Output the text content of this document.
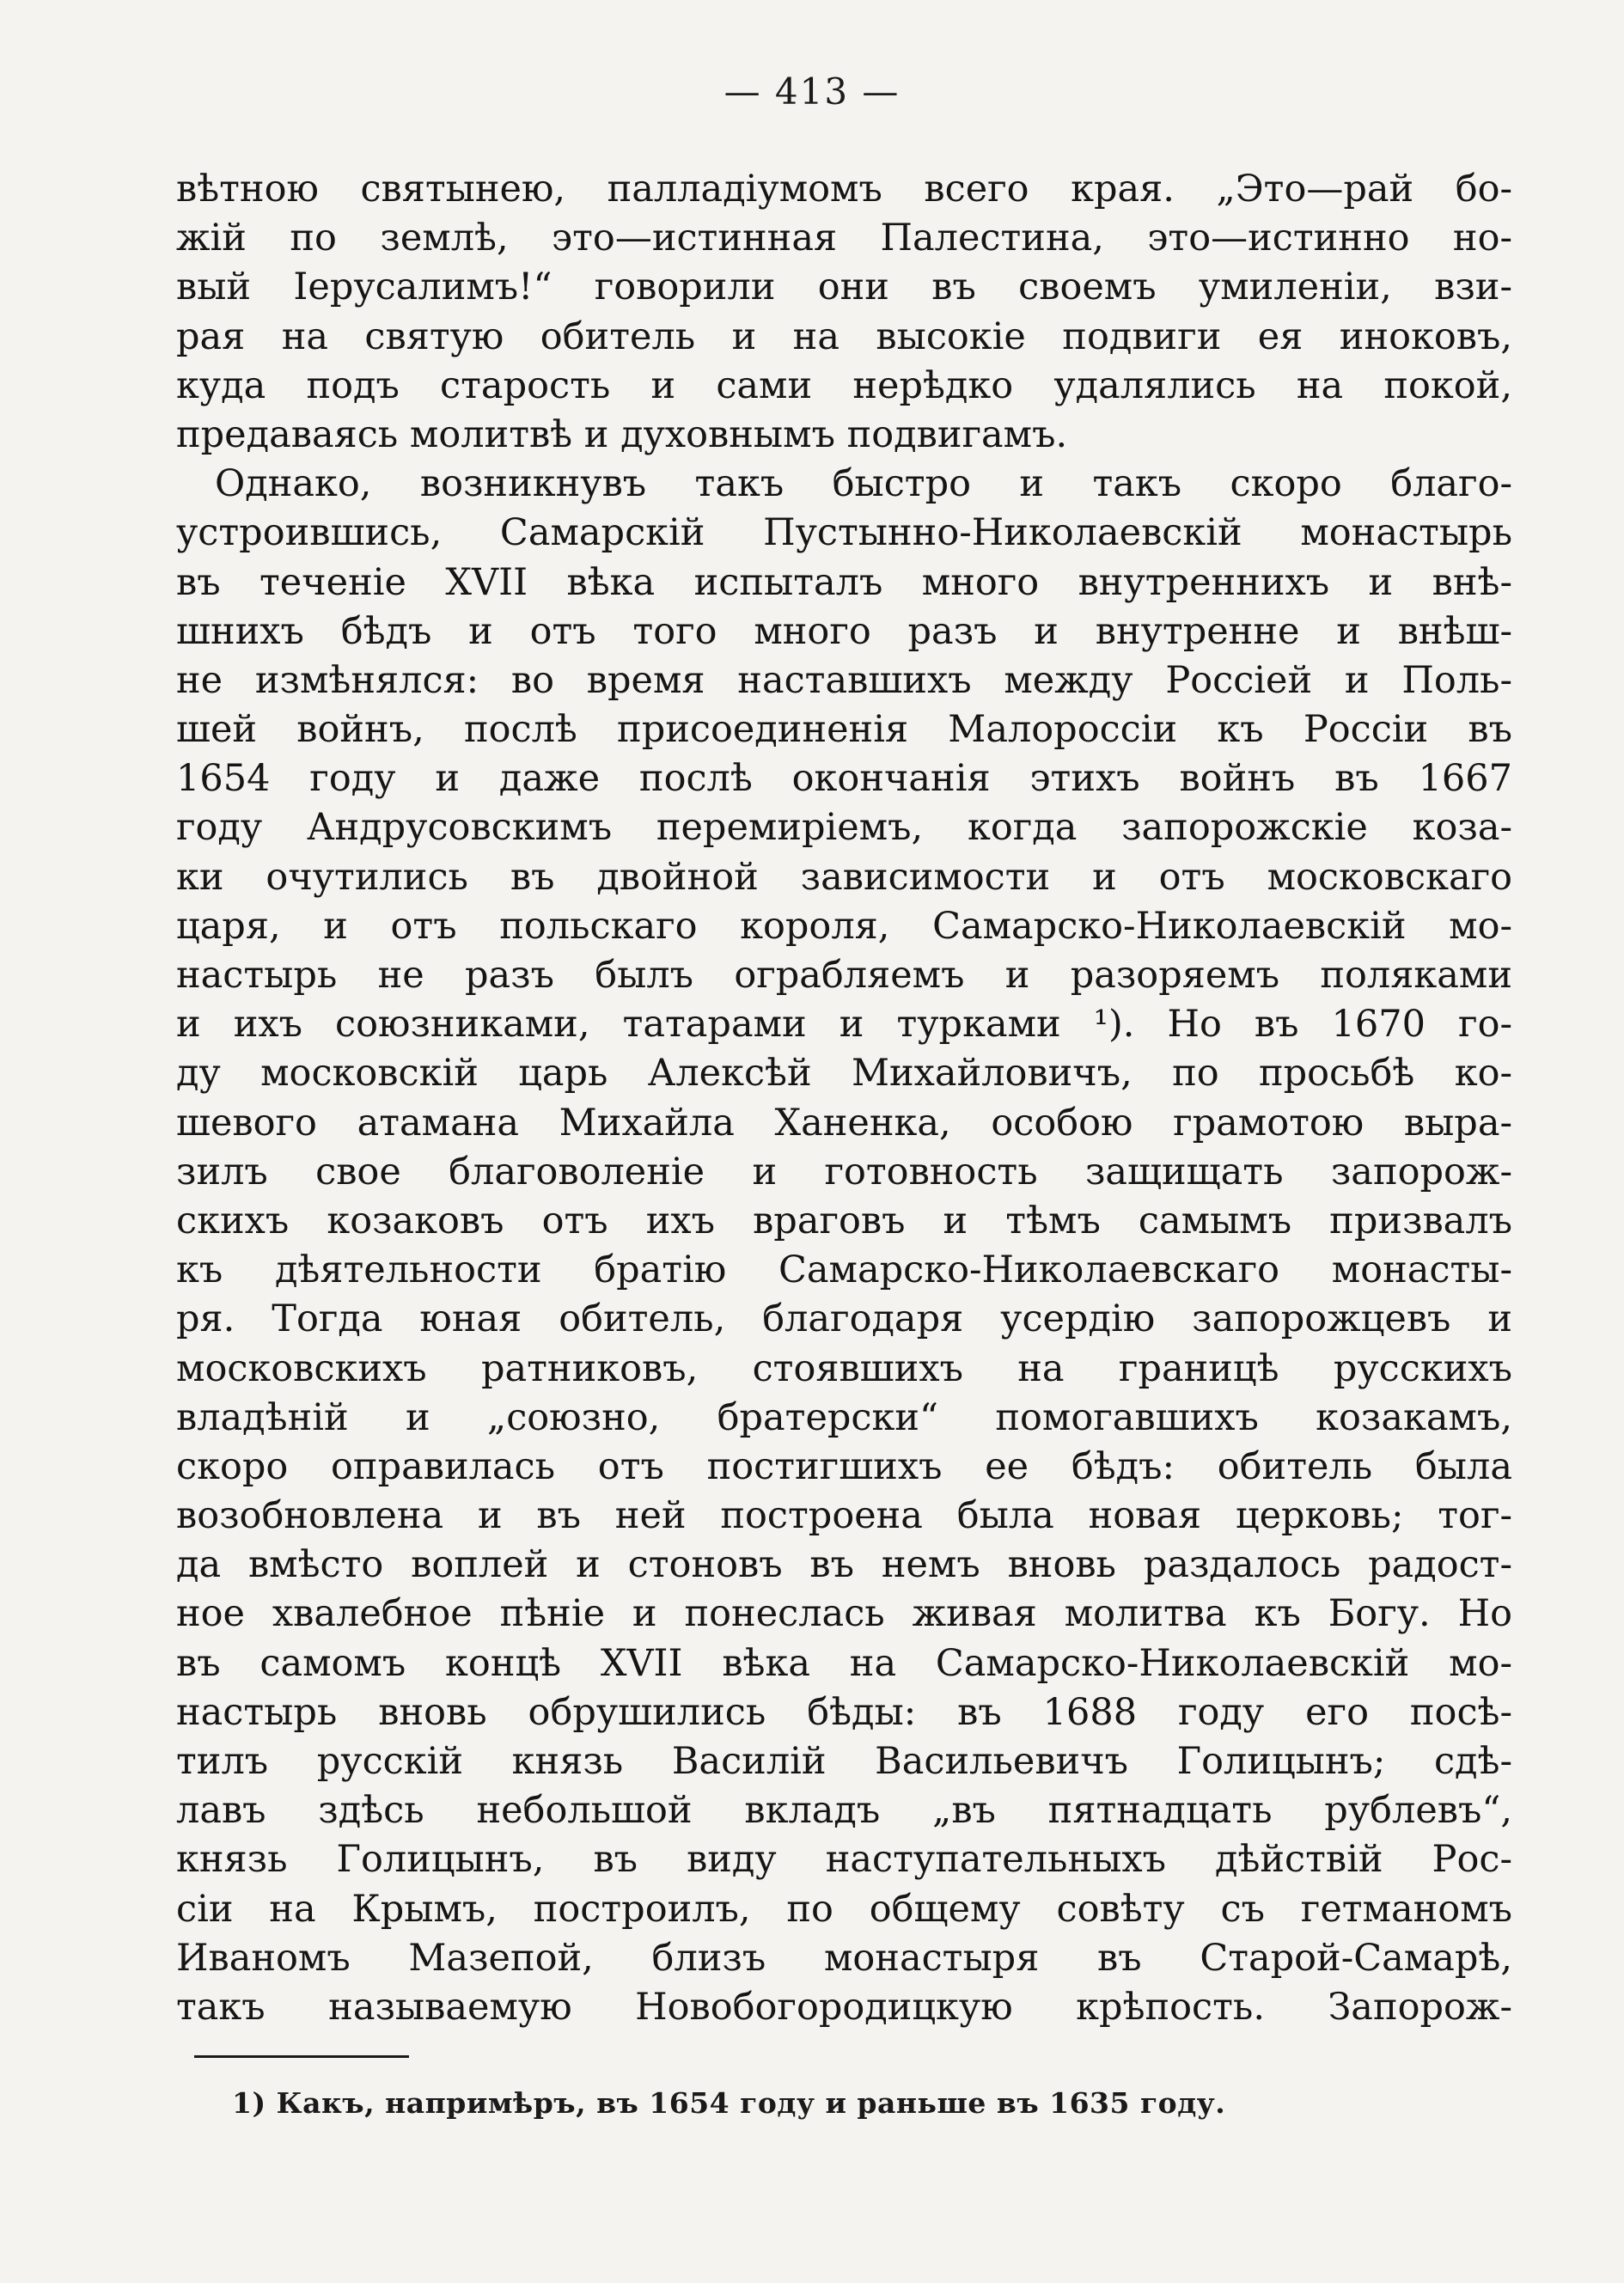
— 413 —
вѣтною святынею, палладіумомъ всего края. „Это—рай бо-
жій по землѣ, это—истинная Палестина, это—истинно но-
вый Іерусалимъ!“ говорили они въ своемъ умиленіи, взи-
рая на святую обитель и на высокіе подвиги ея иноковъ,
куда подъ старость и сами нерѣдко удалялись на покой,
предаваясь молитвѣ и духовнымъ подвигамъ.
Однако, возникнувъ такъ быстро и такъ скоро благо-
устроившись, Самарскій Пустынно-Николаевскій монастырь
въ теченіе XVII вѣка испыталъ много внутреннихъ и внѣ-
шнихъ бѣдъ и отъ того много разъ и внутренне и внѣш-
не измѣнялся: во время наставшихъ между Россіей и Поль-
шей войнъ, послѣ присоединенія Малороссіи къ Россіи въ
1654 году и даже послѣ окончанія этихъ войнъ въ 1667
году Андрусовскимъ перемиріемъ, когда запорожскіе коза-
ки очутились въ двойной зависимости и отъ московскаго
царя, и отъ польскаго короля, Самарско-Николаевскій мо-
настырь не разъ былъ ограбляемъ и разоряемъ поляками
и ихъ союзниками, татарами и турками ¹). Но въ 1670 го-
ду московскій царь Алексѣй Михайловичъ, по просьбѣ ко-
шевого атамана Михайла Ханенка, особою грамотою выра-
зилъ свое благоволеніе и готовность защищать запорож-
скихъ козаковъ отъ ихъ враговъ и тѣмъ самымъ призвалъ
къ дѣятельности братію Самарско-Николаевскаго монасты-
ря. Тогда юная обитель, благодаря усердію запорожцевъ и
московскихъ ратниковъ, стоявшихъ на границѣ русскихъ
владѣній и „союзно, братерски“ помогавшихъ козакамъ,
скоро оправилась отъ постигшихъ ее бѣдъ: обитель была
возобновлена и въ ней построена была новая церковь; тог-
да вмѣсто воплей и стоновъ въ немъ вновь раздалось радост-
ное хвалебное пѣніе и понеслась живая молитва къ Богу. Но
въ самомъ концѣ XVII вѣка на Самарско-Николаевскій мо-
настырь вновь обрушились бѣды: въ 1688 году его посѣ-
тилъ русскій князь Василій Васильевичъ Голицынъ; сдѣ-
лавъ здѣсь небольшой вкладъ „въ пятнадцать рублевъ“,
князь Голицынъ, въ виду наступательныхъ дѣйствій Рос-
сіи на Крымъ, построилъ, по общему совѣту съ гетманомъ
Иваномъ Мазепой, близъ монастыря въ Старой-Самарѣ,
такъ называемую Новобогородицкую крѣпость. Запорож-
1) Какъ, напримѣръ, въ 1654 году и раньше въ 1635 году.
